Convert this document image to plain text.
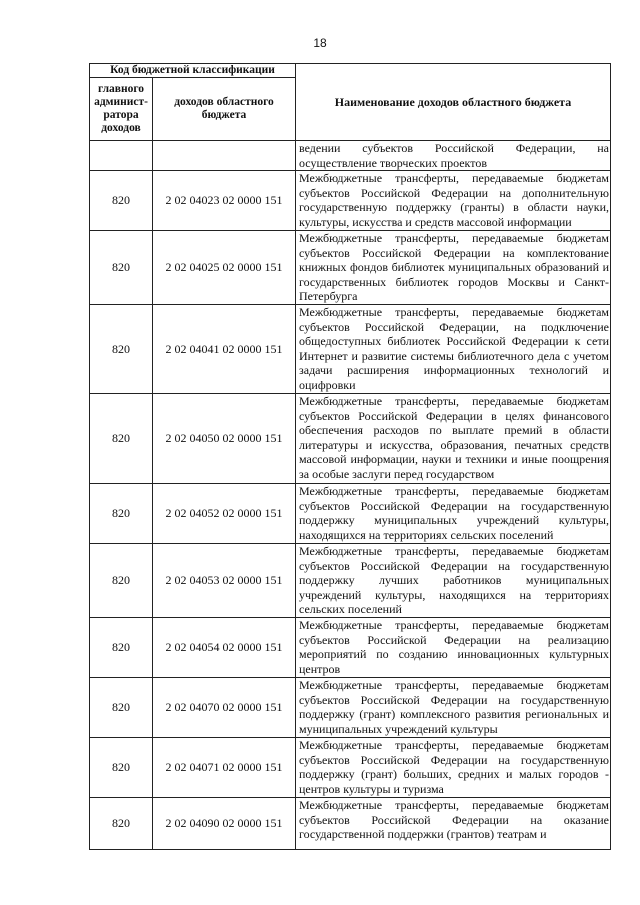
18
Код бюджетной классификации		Наименование доходов областного бюджета
главного админист- ратора доходов	доходов областного бюджета	
		ведении субъектов Российской Федерации, на осуществление творческих проектов
820	2 02 04023 02 0000 151	Межбюджетные трансферты, передаваемые бюджетам субъектов Российской Федерации на дополнительную государственную поддержку (гранты) в области науки, культуры, искусства и средств массовой информации
820	2 02 04025 02 0000 151	Межбюджетные трансферты, передаваемые бюджетам субъектов Российской Федерации на комплектование книжных фондов библиотек муниципальных образований и государственных библиотек городов Москвы и Санкт-Петербурга
820	2 02 04041 02 0000 151	Межбюджетные трансферты, передаваемые бюджетам субъектов Российской Федерации, на подключение общедоступных библиотек Российской Федерации к сети Интернет и развитие системы библиотечного дела с учетом задачи расширения информационных технологий и оцифровки
820	2 02 04050 02 0000 151	Межбюджетные трансферты, передаваемые бюджетам субъектов Российской Федерации в целях финансового обеспечения расходов по выплате премий в области литературы и искусства, образования, печатных средств массовой информации, науки и техники и иные поощрения за особые заслуги перед государством
820	2 02 04052 02 0000 151	Межбюджетные трансферты, передаваемые бюджетам субъектов Российской Федерации на государственную поддержку муниципальных учреждений культуры, находящихся на территориях сельских поселений
820	2 02 04053 02 0000 151	Межбюджетные трансферты, передаваемые бюджетам субъектов Российской Федерации на государственную поддержку лучших работников муниципальных учреждений культуры, находящихся на территориях сельских поселений
820	2 02 04054 02 0000 151	Межбюджетные трансферты, передаваемые бюджетам субъектов Российской Федерации на реализацию мероприятий по созданию инновационных культурных центров
820	2 02 04070 02 0000 151	Межбюджетные трансферты, передаваемые бюджетам субъектов Российской Федерации на государственную поддержку (грант) комплексного развития региональных и муниципальных учреждений культуры
820	2 02 04071 02 0000 151	Межбюджетные трансферты, передаваемые бюджетам субъектов Российской Федерации на государственную поддержку (грант) больших, средних и малых городов - центров культуры и туризма
820	2 02 04090 02 0000 151	Межбюджетные трансферты, передаваемые бюджетам субъектов Российской Федерации на оказание государственной поддержки (грантов) театрам и
